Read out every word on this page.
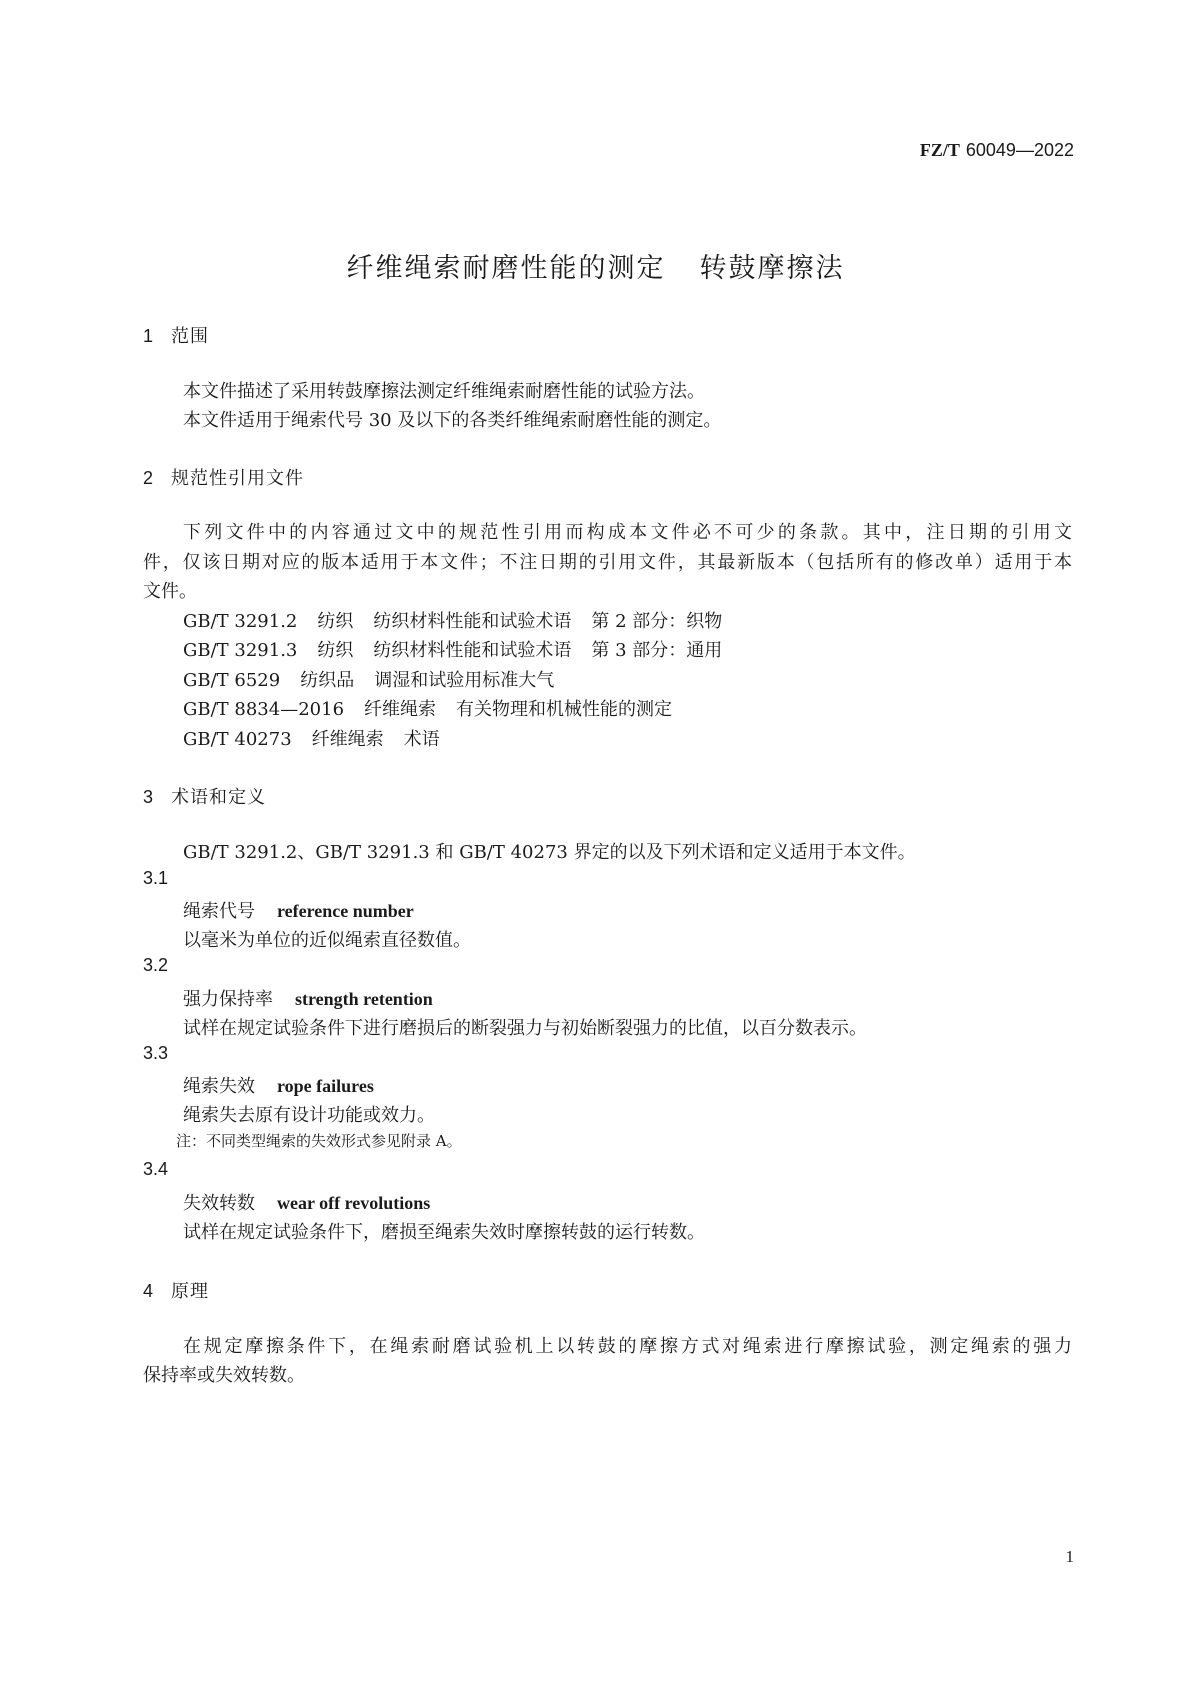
FZ/T 60049—2022
纤维绳索耐磨性能的测定 转鼓摩擦法
1 范围
本文件描述了采用转鼓摩擦法测定纤维绳索耐磨性能的试验方法。
本文件适用于绳索代号 30 及以下的各类纤维绳索耐磨性能的测定。
2 规范性引用文件
下列文件中的内容通过文中的规范性引用而构成本文件必不可少的条款。其中，注日期的引用文
件，仅该日期对应的版本适用于本文件；不注日期的引用文件，其最新版本（包括所有的修改单）适用于本
文件。
GB/T 3291.2 纺织 纺织材料性能和试验术语 第 2 部分：织物
GB/T 3291.3 纺织 纺织材料性能和试验术语 第 3 部分：通用
GB/T 6529 纺织品 调湿和试验用标准大气
GB/T 8834—2016 纤维绳索 有关物理和机械性能的测定
GB/T 40273 纤维绳索 术语
3 术语和定义
GB/T 3291.2、GB/T 3291.3 和 GB/T 40273 界定的以及下列术语和定义适用于本文件。
3.1
绳索代号 reference number
以毫米为单位的近似绳索直径数值。
3.2
强力保持率 strength retention
试样在规定试验条件下进行磨损后的断裂强力与初始断裂强力的比值，以百分数表示。
3.3
绳索失效 rope failures
绳索失去原有设计功能或效力。
注：不同类型绳索的失效形式参见附录 A。
3.4
失效转数 wear off revolutions
试样在规定试验条件下，磨损至绳索失效时摩擦转鼓的运行转数。
4 原理
在规定摩擦条件下，在绳索耐磨试验机上以转鼓的摩擦方式对绳索进行摩擦试验，测定绳索的强力
保持率或失效转数。
1
